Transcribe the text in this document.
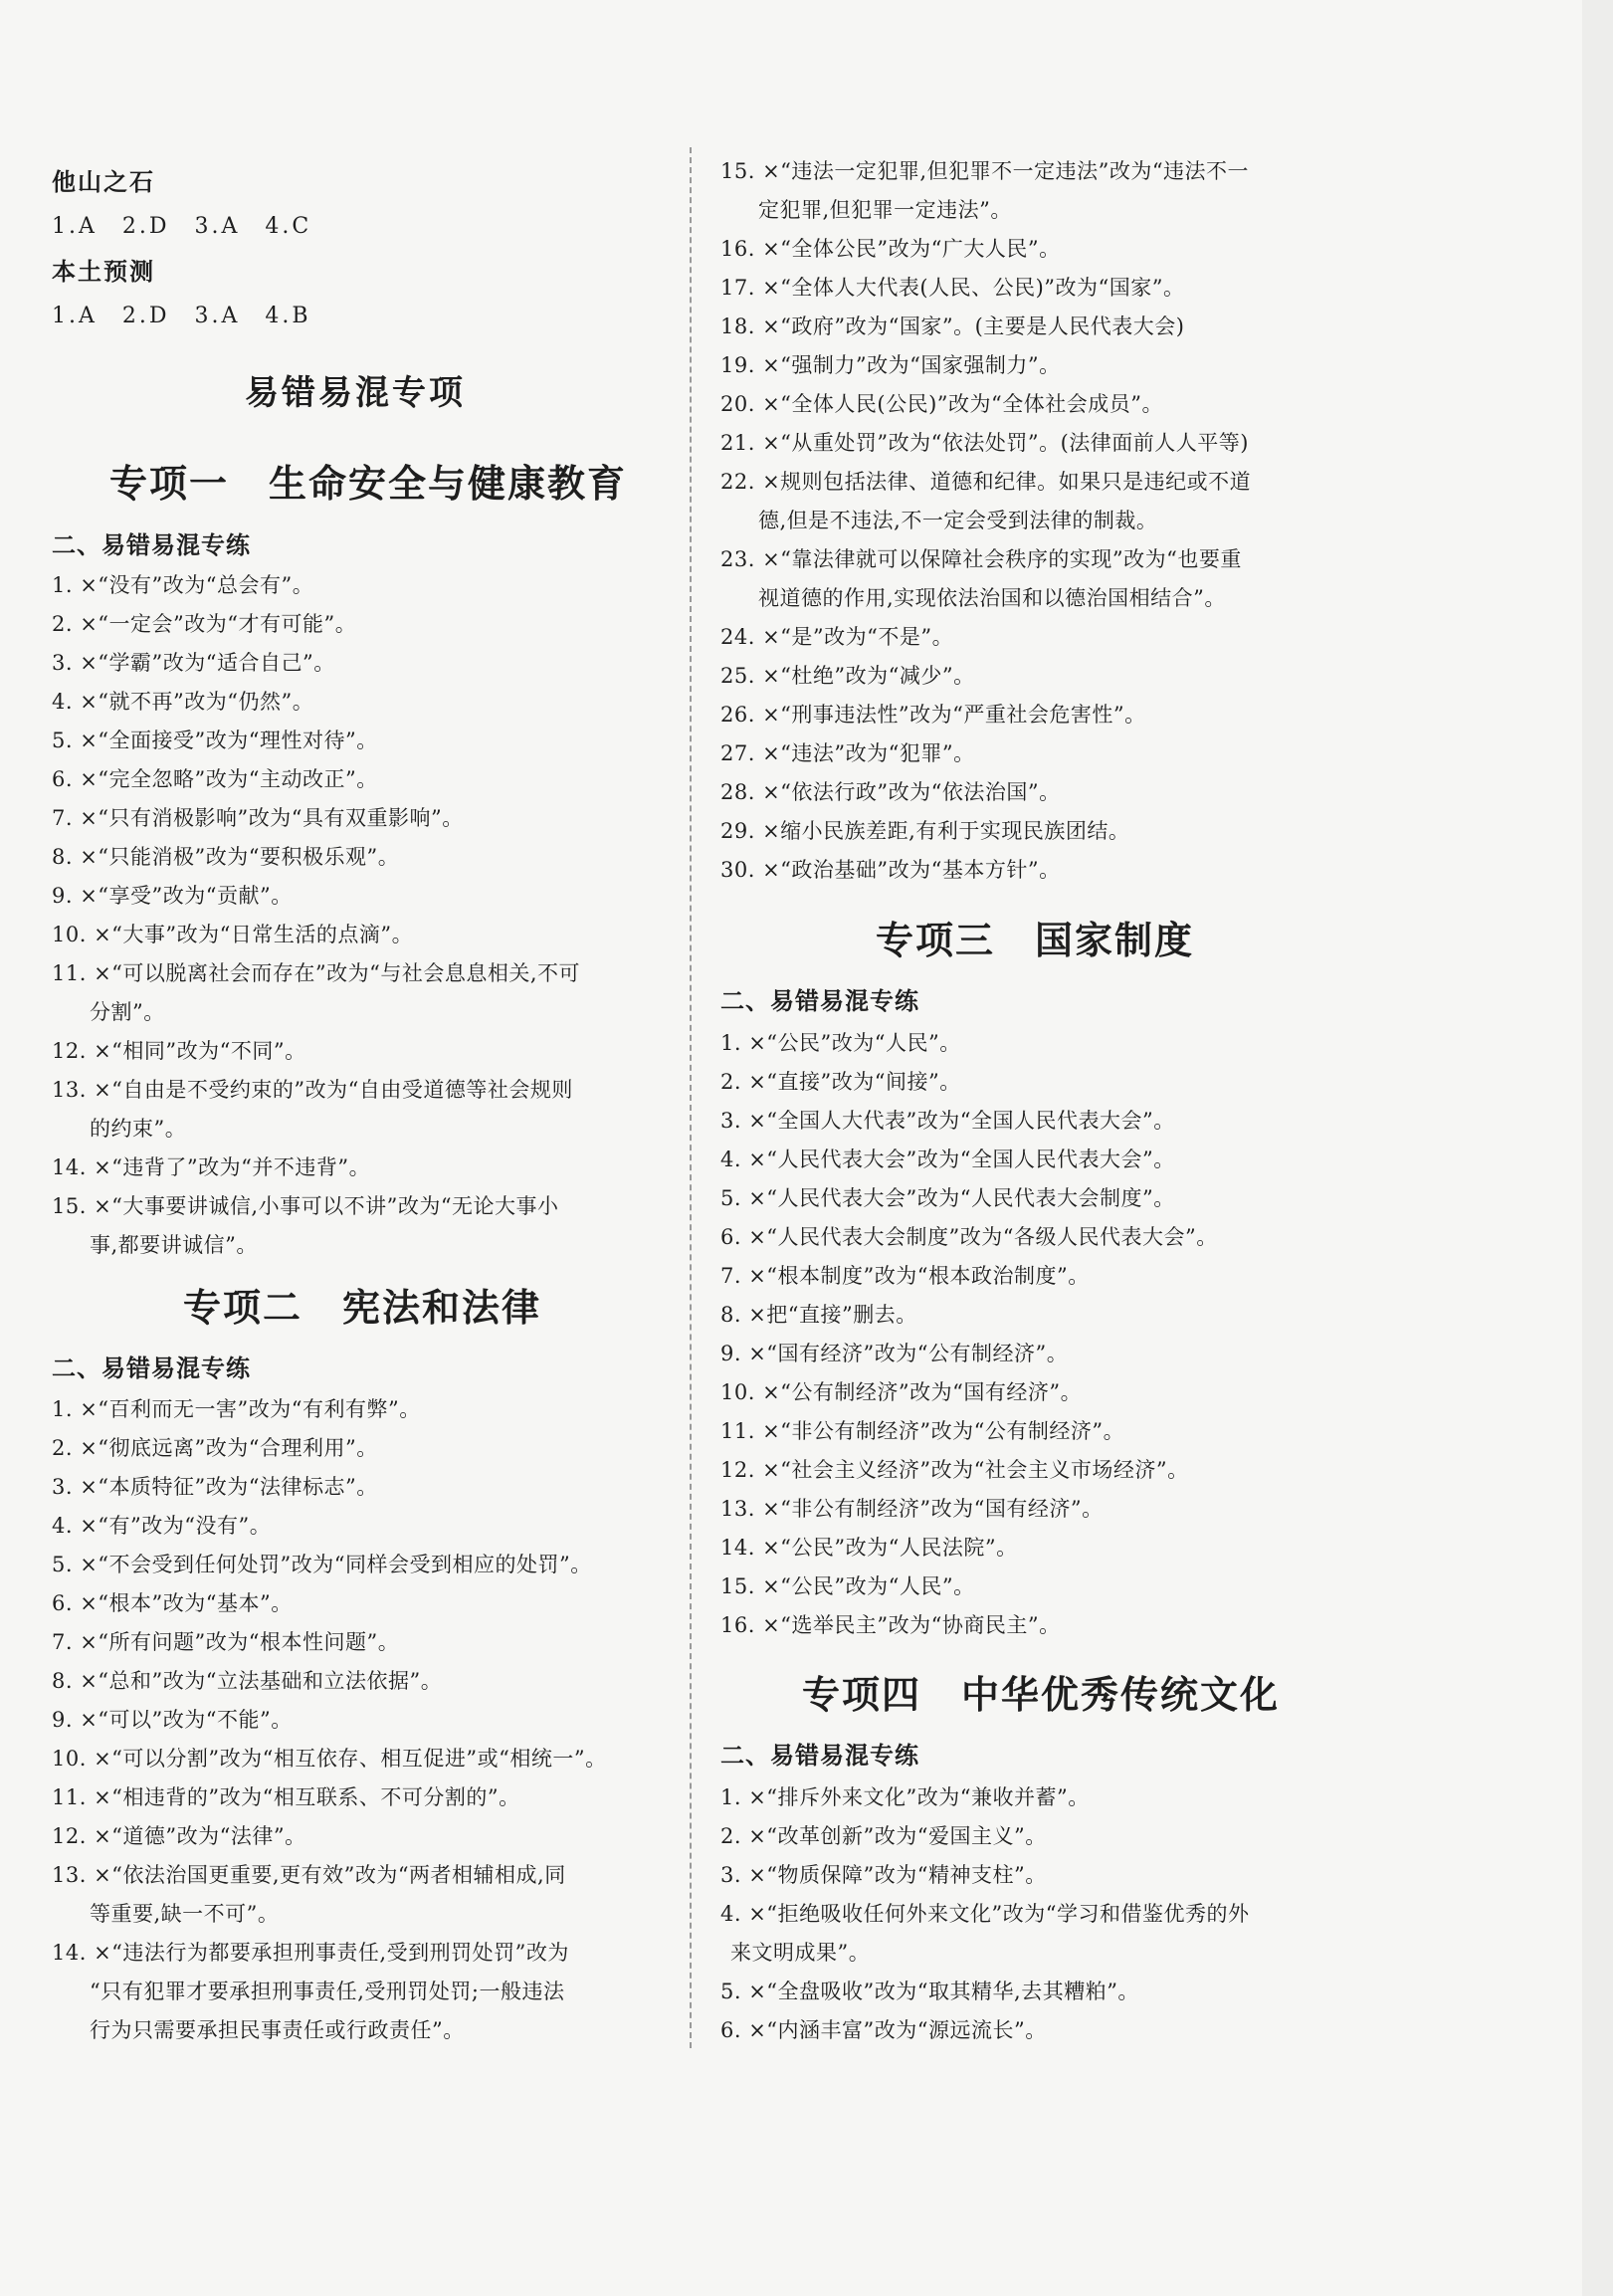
他山之石
1.A　2.D　3.A　4.C
本土预测
1.A　2.D　3.A　4.B
易错易混专项
专项一　生命安全与健康教育
二、易错易混专练
1. ×“没有”改为“总会有”。
2. ×“一定会”改为“才有可能”。
3. ×“学霸”改为“适合自己”。
4. ×“就不再”改为“仍然”。
5. ×“全面接受”改为“理性对待”。
6. ×“完全忽略”改为“主动改正”。
7. ×“只有消极影响”改为“具有双重影响”。
8. ×“只能消极”改为“要积极乐观”。
9. ×“享受”改为“贡献”。
10. ×“大事”改为“日常生活的点滴”。
11. ×“可以脱离社会而存在”改为“与社会息息相关,不可
分割”。
12. ×“相同”改为“不同”。
13. ×“自由是不受约束的”改为“自由受道德等社会规则
的约束”。
14. ×“违背了”改为“并不违背”。
15. ×“大事要讲诚信,小事可以不讲”改为“无论大事小
事,都要讲诚信”。
专项二　宪法和法律
二、易错易混专练
1. ×“百利而无一害”改为“有利有弊”。
2. ×“彻底远离”改为“合理利用”。
3. ×“本质特征”改为“法律标志”。
4. ×“有”改为“没有”。
5. ×“不会受到任何处罚”改为“同样会受到相应的处罚”。
6. ×“根本”改为“基本”。
7. ×“所有问题”改为“根本性问题”。
8. ×“总和”改为“立法基础和立法依据”。
9. ×“可以”改为“不能”。
10. ×“可以分割”改为“相互依存、相互促进”或“相统一”。
11. ×“相违背的”改为“相互联系、不可分割的”。
12. ×“道德”改为“法律”。
13. ×“依法治国更重要,更有效”改为“两者相辅相成,同
等重要,缺一不可”。
14. ×“违法行为都要承担刑事责任,受到刑罚处罚”改为
“只有犯罪才要承担刑事责任,受刑罚处罚;一般违法
行为只需要承担民事责任或行政责任”。
15. ×“违法一定犯罪,但犯罪不一定违法”改为“违法不一
定犯罪,但犯罪一定违法”。
16. ×“全体公民”改为“广大人民”。
17. ×“全体人大代表(人民、公民)”改为“国家”。
18. ×“政府”改为“国家”。(主要是人民代表大会)
19. ×“强制力”改为“国家强制力”。
20. ×“全体人民(公民)”改为“全体社会成员”。
21. ×“从重处罚”改为“依法处罚”。(法律面前人人平等)
22. ×规则包括法律、道德和纪律。如果只是违纪或不道
德,但是不违法,不一定会受到法律的制裁。
23. ×“靠法律就可以保障社会秩序的实现”改为“也要重
视道德的作用,实现依法治国和以德治国相结合”。
24. ×“是”改为“不是”。
25. ×“杜绝”改为“减少”。
26. ×“刑事违法性”改为“严重社会危害性”。
27. ×“违法”改为“犯罪”。
28. ×“依法行政”改为“依法治国”。
29. ×缩小民族差距,有利于实现民族团结。
30. ×“政治基础”改为“基本方针”。
专项三　国家制度
二、易错易混专练
1. ×“公民”改为“人民”。
2. ×“直接”改为“间接”。
3. ×“全国人大代表”改为“全国人民代表大会”。
4. ×“人民代表大会”改为“全国人民代表大会”。
5. ×“人民代表大会”改为“人民代表大会制度”。
6. ×“人民代表大会制度”改为“各级人民代表大会”。
7. ×“根本制度”改为“根本政治制度”。
8. ×把“直接”删去。
9. ×“国有经济”改为“公有制经济”。
10. ×“公有制经济”改为“国有经济”。
11. ×“非公有制经济”改为“公有制经济”。
12. ×“社会主义经济”改为“社会主义市场经济”。
13. ×“非公有制经济”改为“国有经济”。
14. ×“公民”改为“人民法院”。
15. ×“公民”改为“人民”。
16. ×“选举民主”改为“协商民主”。
专项四　中华优秀传统文化
二、易错易混专练
1. ×“排斥外来文化”改为“兼收并蓄”。
2. ×“改革创新”改为“爱国主义”。
3. ×“物质保障”改为“精神支柱”。
4. ×“拒绝吸收任何外来文化”改为“学习和借鉴优秀的外
来文明成果”。
5. ×“全盘吸收”改为“取其精华,去其糟粕”。
6. ×“内涵丰富”改为“源远流长”。
